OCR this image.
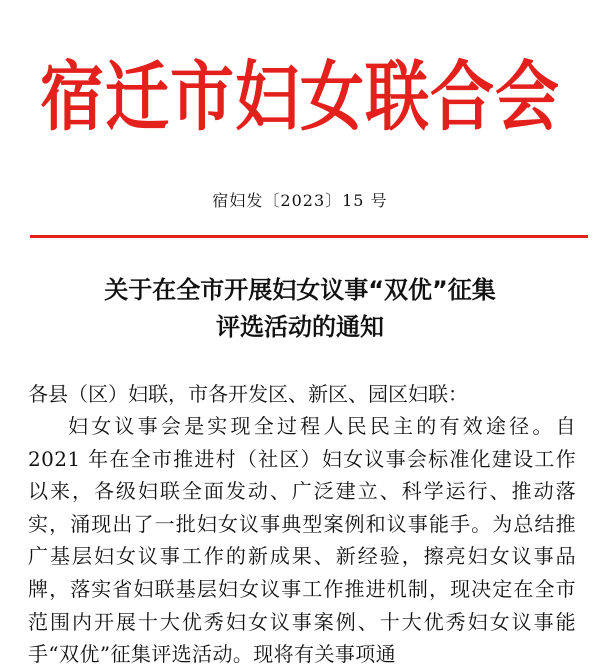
宿迁市妇女联合会
宿妇发〔2023〕15 号
关于在全市开展妇女议事“双优”征集
评选活动的通知
各县（区）妇联，市各开发区、新区、园区妇联：
妇女议事会是实现全过程人民民主的有效途径。自 2021 年在全市推进村（社区）妇女议事会标准化建设工作以来，各级妇联全面发动、广泛建立、科学运行、推动落实，涌现出了一批妇女议事典型案例和议事能手。为总结推广基层妇女议事工作的新成果、新经验，擦亮妇女议事品牌，落实省妇联基层妇女议事工作推进机制，现决定在全市范围内开展十大优秀妇女议事案例、十大优秀妇女议事能手“双优”征集评选活动。现将有关事项通
